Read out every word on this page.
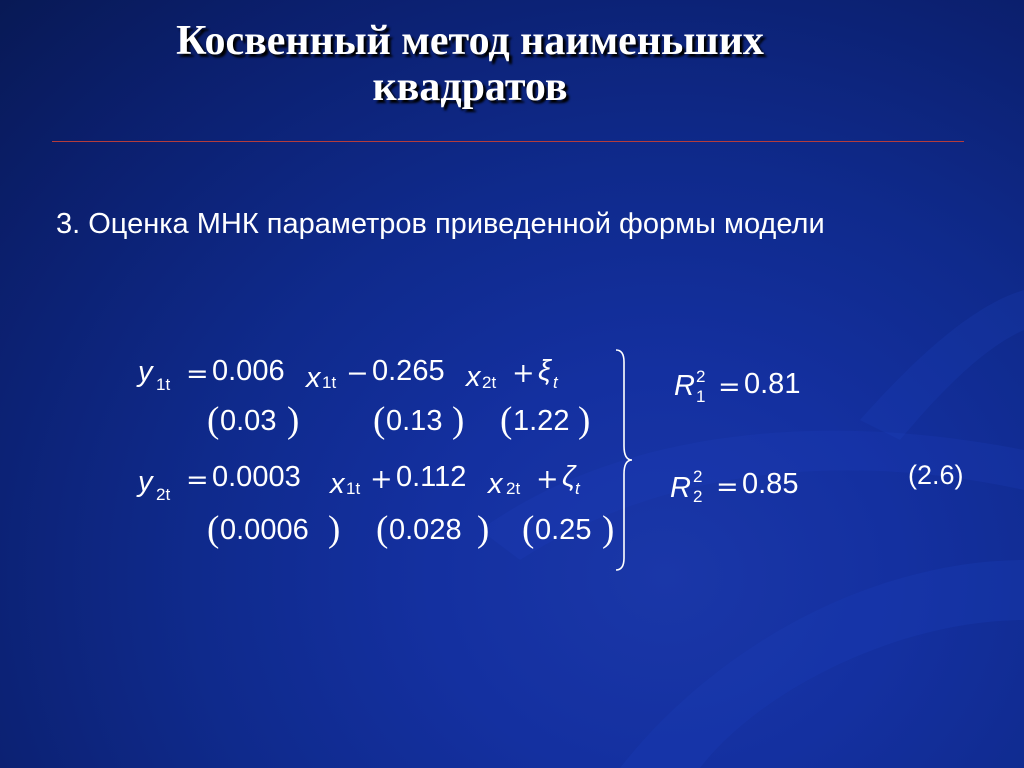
Косвенный метод наименьших
квадратов
3. Оценка МНК параметров приведенной формы модели
y 1t = 0.006 x 1t − 0.265 x 2t + ξ t
( 0.03 ) ( 0.13 ) ( 1.22 )
y 2t = 0.0003 x 1t + 0.112 x 2t + ζ t
( 0.0006 ) ( 0.028 ) ( 0.25 )
R 2
1 = 0.81
R 2
2 = 0.85	(2.6)
